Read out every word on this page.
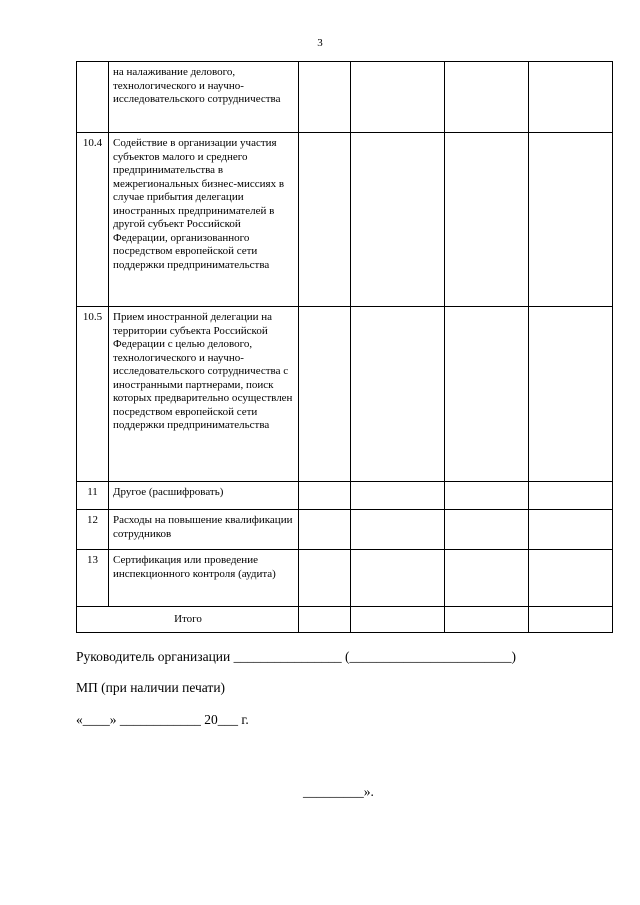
3
	на налаживание делового, технологического и научно-исследовательского сотрудничества				
10.4	Содействие в организации участия субъектов малого и среднего предпринимательства в межрегиональных бизнес-миссиях в случае прибытия делегации иностранных предпринимателей в другой субъект Российской Федерации, организованного посредством европейской сети поддержки предпринимательства				
10.5	Прием иностранной делегации на территории субъекта Российской Федерации с целью делового, технологического и научно-исследовательского сотрудничества с иностранными партнерами, поиск которых предварительно осуществлен посредством европейской сети поддержки предпринимательства				
11	Другое (расшифровать)				
12	Расходы на повышение квалификации сотрудников				
13	Сертификация или проведение инспекционного контроля (аудита)				
Итого					
Руководитель организации ________________ (________________________)
МП (при наличии печати)
«____» ____________ 20___ г.
_________».
